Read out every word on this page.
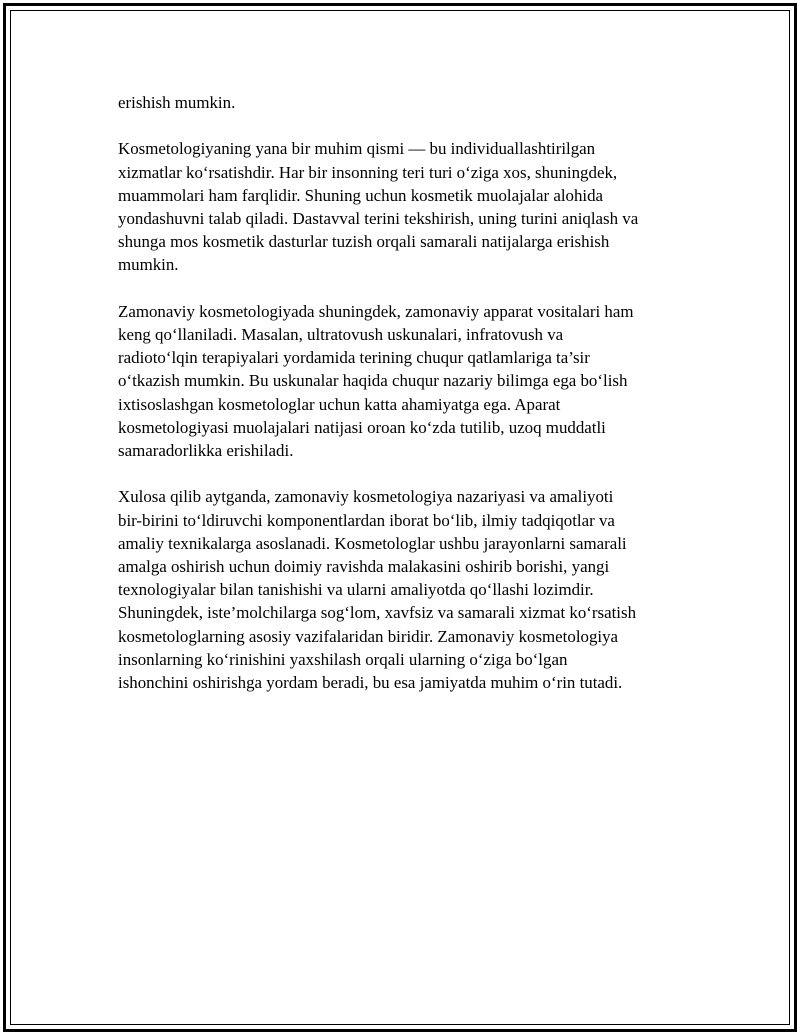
erishish mumkin.

Kosmetologiyaning yana bir muhim qismi — bu individuallashtirilgan
xizmatlar ko‘rsatishdir. Har bir insonning teri turi o‘ziga xos, shuningdek,
muammolari ham farqlidir. Shuning uchun kosmetik muolajalar alohida
yondashuvni talab qiladi. Dastavval terini tekshirish, uning turini aniqlash va
shunga mos kosmetik dasturlar tuzish orqali samarali natijalarga erishish
mumkin.

Zamonaviy kosmetologiyada shuningdek, zamonaviy apparat vositalari ham
keng qo‘llaniladi. Masalan, ultratovush uskunalari, infratovush va
radioto‘lqin terapiyalari yordamida terining chuqur qatlamlariga ta’sir
o‘tkazish mumkin. Bu uskunalar haqida chuqur nazariy bilimga ega bo‘lish
ixtisoslashgan kosmetologlar uchun katta ahamiyatga ega. Aparat
kosmetologiyasi muolajalari natijasi oroan ko‘zda tutilib, uzoq muddatli
samaradorlikka erishiladi.

Xulosa qilib aytganda, zamonaviy kosmetologiya nazariyasi va amaliyoti
bir-birini to‘ldiruvchi komponentlardan iborat bo‘lib, ilmiy tadqiqotlar va
amaliy texnikalarga asoslanadi. Kosmetologlar ushbu jarayonlarni samarali
amalga oshirish uchun doimiy ravishda malakasini oshirib borishi, yangi
texnologiyalar bilan tanishishi va ularni amaliyotda qo‘llashi lozimdir.
Shuningdek, iste’molchilarga sog‘lom, xavfsiz va samarali xizmat ko‘rsatish
kosmetologlarning asosiy vazifalaridan biridir. Zamonaviy kosmetologiya
insonlarning ko‘rinishini yaxshilash orqali ularning o‘ziga bo‘lgan
ishonchini oshirishga yordam beradi, bu esa jamiyatda muhim o‘rin tutadi.
